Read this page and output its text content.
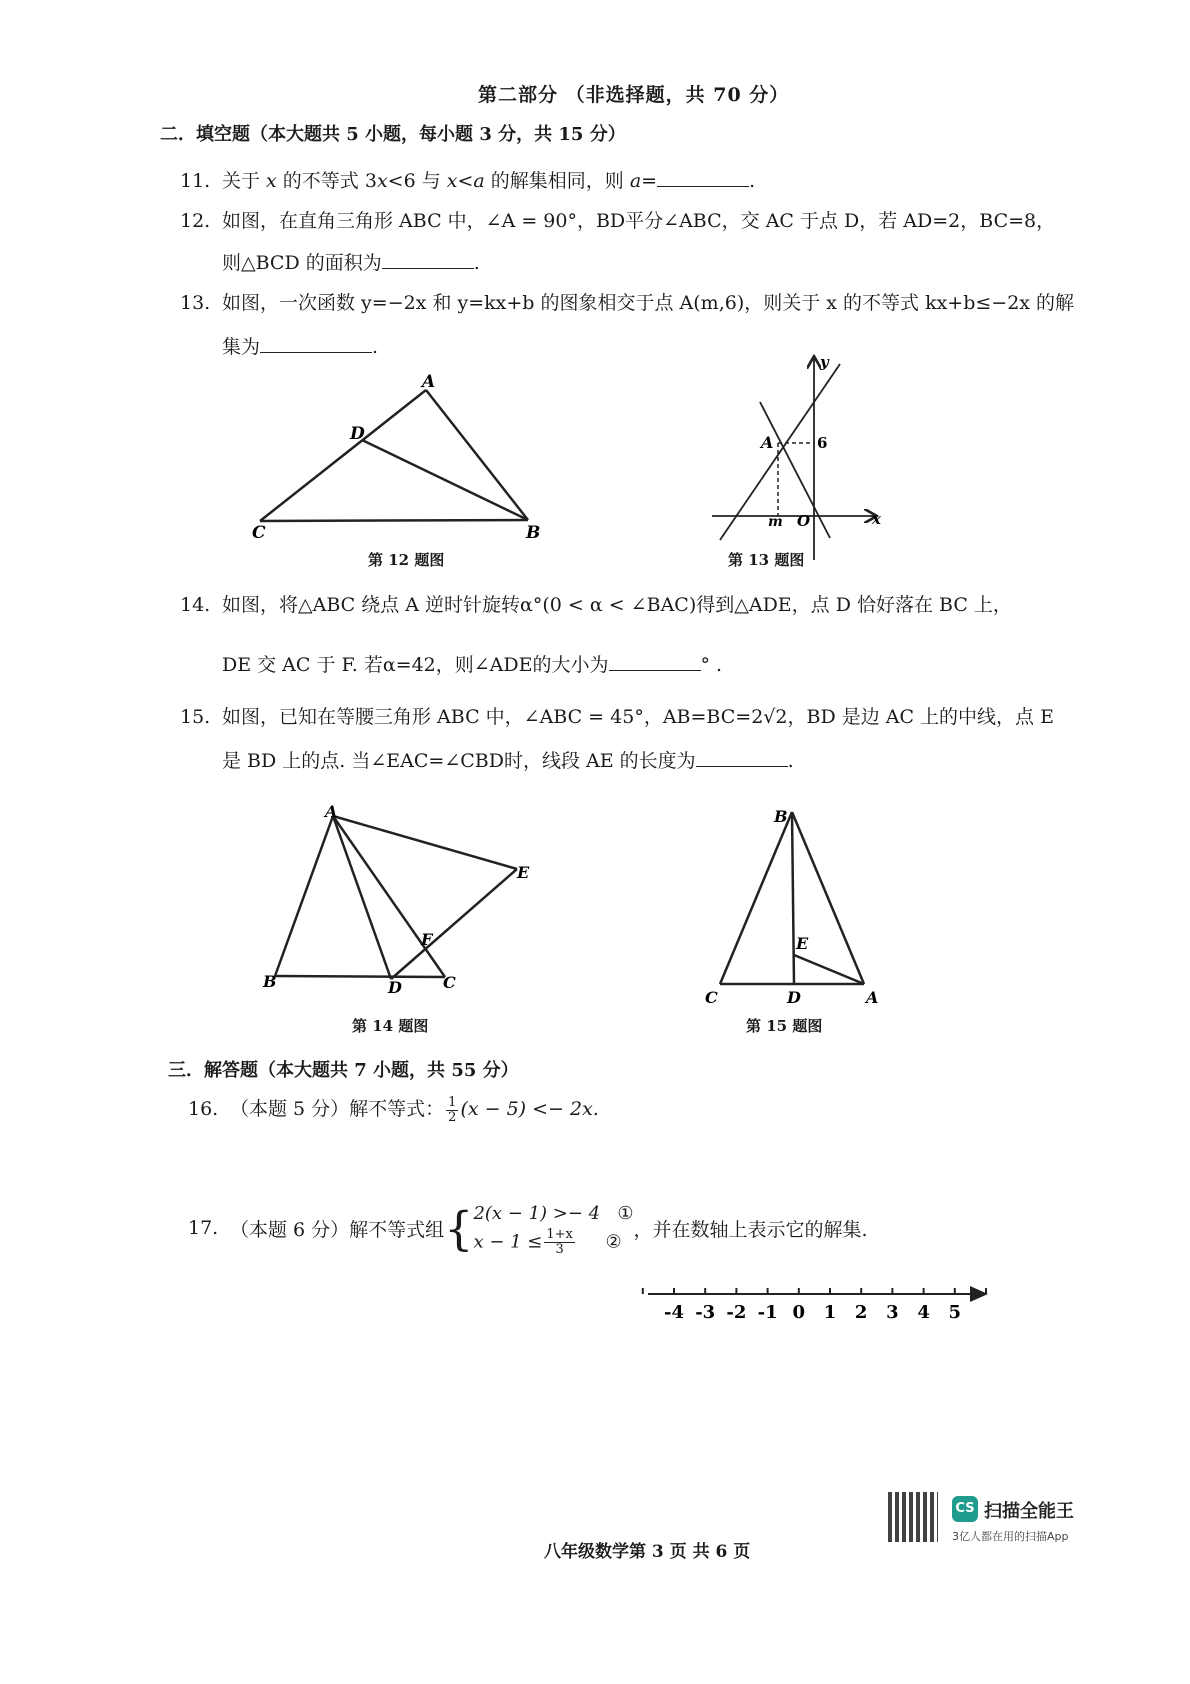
第二部分 （非选择题，共 70 分）
二．填空题（本大题共 5 小题，每小题 3 分，共 15 分）
11. 关于 x 的不等式 3x<6 与 x<a 的解集相同，则 a=	.
12. 如图，在直角三角形 ABC 中，∠A = 90°，BD平分∠ABC，交 AC 于点 D，若 AD=2，BC=8，
则△BCD 的面积为	.
13. 如图，一次函数 y=−2x 和 y=kx+b 的图象相交于点 A(m,6)，则关于 x 的不等式 kx+b≤−2x 的解
集为	.
A
D
C	B
第 12 题图
y
x
A	6
m O
第 13 题图
14. 如图，将△ABC 绕点 A 逆时针旋转α°(0 < α < ∠BAC)得到△ADE，点 D 恰好落在 BC 上，
DE 交 AC 于 F. 若α=42，则∠ADE的大小为	° .
15. 如图，已知在等腰三角形 ABC 中，∠ABC = 45°，AB=BC=2√2，BD 是边 AC 上的中线，点 E
是 BD 上的点. 当∠EAC=∠CBD时，线段 AE 的长度为	.
A
B	C
D
E
F
第 14 题图
B
C	D	A
E
第 15 题图
三．解答题（本大题共 7 小题，共 55 分）
16. （本题 5 分）解不等式： $\frac{1}{2} (x - 5) <- 2x$.
17. （本题 6 分）解不等式组{ 2(x − 1) >− 4 ①
$x - 1 \le \frac{1+x}{3}$ ②
，并在数轴上表示它的解集.
-4 -3 -2 -1 0 1 2 3 4 5
八年级数学第 3 页 共 6 页
CS 扫描全能王
3亿人都在用的扫描App
